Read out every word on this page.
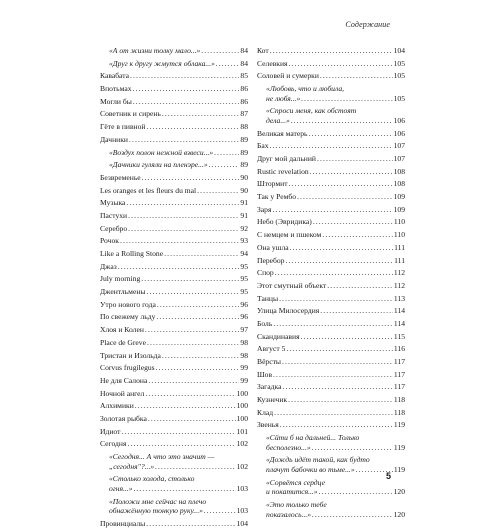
Содержание
«А от жизни толку мало...» . . .	84
«Друг к другу жмутся облака...» . . .	84
Кавабата . . .	85
Впотьмах . . .	86
Могли бы . . .	86
Советник и сирень . . .	87
Гёте в пивной . . .	88
Дачники . . .	89
«Воздух полон нежной взвеси...» . . .	89
«Дачники гуляли на пленэре...» . . .	89
Безвременье . . .	90
Les oranges et les fleurs du mal . . .	90
Музыка . . .	91
Пастухи . . .	91
Серебро . . .	92
Рочок . . .	93
Like a Rolling Stone . . .	94
Джаз . . .	95
July morning . . .	95
Джентльмены . . .	95
Утро нового года . . .	96
По свежему льду . . .	96
Хлоя и Колен . . .	97
Place de Greve . . .	98
Тристан и Изольда . . .	98
Corvus frugilegus . . .	99
Не для Салона . . .	99
Ночной ангел . . .	100
Алхимики . . .	100
Золотая рыбка . . .	100
Идиот . . .	101
Сегодня . . .	102
«Сегодня... А что это значит —
„сегодня"?...» . . .	102
«Столько холода, столько
огня...» . . .	103
«Положи мне сейчас на плечо
обнажённую тонкую руку...» . . .	103
Провинциалы . . .	104
Кот . . .	104
Селевкия . . .	105
Соловей и сумерки . . .	105
«Любовь, что и любила,
не любя...» . . .	105
«Спроси меня, как обстоят
дела...» . . .	106
Великая матерь . . .	106
Бах . . .	107
Друг мой дальний . . .	107
Rustic revelation . . .	108
Штормит . . .	108
Так у Рембо . . .	109
Заря . . .	109
Небо (Эвридика) . . .	110
С немцем и пшеком . . .	110
Она ушла . . .	111
Перебор . . .	111
Спор . . .	112
Этот смутный объект . . .	112
Танцы . . .	113
Улица Милосердия . . .	114
Боль . . .	114
Скандинавия . . .	115
Август 5 . . .	116
Вёрсты . . .	117
Шов . . .	117
Загадка . . .	117
Кузнечик . . .	118
Клад . . .	118
Звенья . . .	119
«Сйти б на дальней... Только
бесполезно...» . . .	119
«Дождь идёт такой, как будто
плачут бабочки во тьме...» . . .	119
«Сорвётся сердце
и покатится...» . . .	120
«Это только тебе
показалось...» . . .	120
5
